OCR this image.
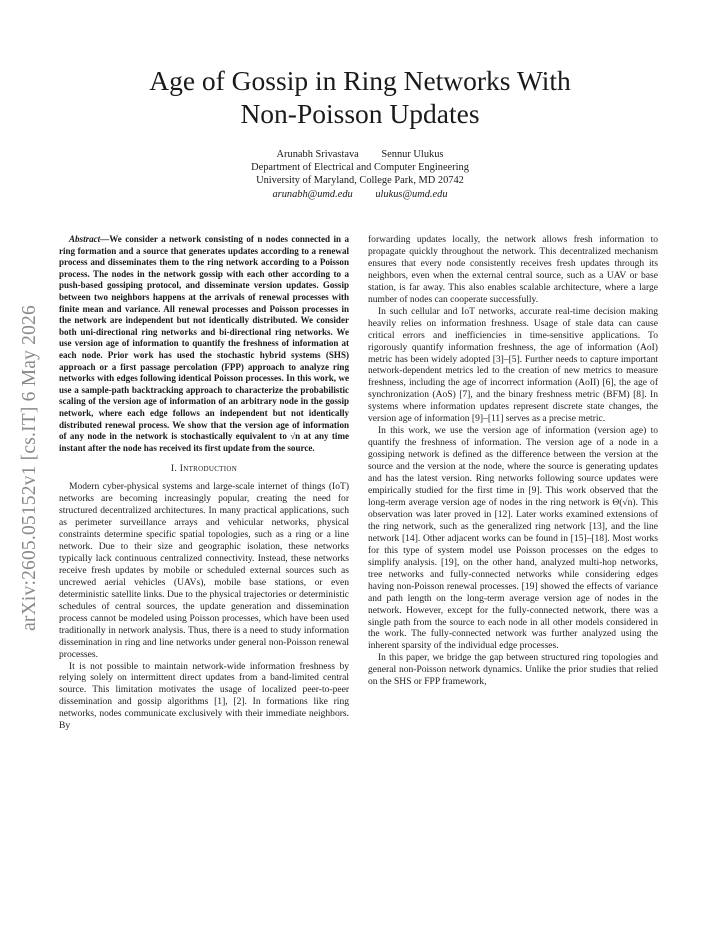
arXiv:2605.05152v1 [cs.IT] 6 May 2026
Age of Gossip in Ring Networks With
Non-Poisson Updates
Arunabh Srivastava Sennur Ulukus
Department of Electrical and Computer Engineering
University of Maryland, College Park, MD 20742
arunabh@umd.edu ulukus@umd.edu

Abstract—We consider a network consisting of n nodes connected in a ring formation and a source that generates updates according to a renewal process and disseminates them to the ring network according to a Poisson process. The nodes in the network gossip with each other according to a push-based gossiping protocol, and disseminate version updates. Gossip between two neighbors happens at the arrivals of renewal processes with finite mean and variance. All renewal processes and Poisson processes in the network are independent but not identically distributed. We consider both uni-directional ring networks and bi-directional ring networks. We use version age of information to quantify the freshness of information at each node. Prior work has used the stochastic hybrid systems (SHS) approach or a first passage percolation (FPP) approach to analyze ring networks with edges following identical Poisson processes. In this work, we use a sample-path backtracking approach to characterize the probabilistic scaling of the version age of information of an arbitrary node in the gossip network, where each edge follows an independent but not identically distributed renewal process. We show that the version age of information of any node in the network is stochastically equivalent to √n at any time instant after the node has received its first update from the source.

I. Introduction

Modern cyber-physical systems and large-scale internet of things (IoT) networks are becoming increasingly popular, creating the need for structured decentralized architectures. In many practical applications, such as perimeter surveillance arrays and vehicular networks, physical constraints determine specific spatial topologies, such as a ring or a line network. Due to their size and geographic isolation, these networks typically lack continuous centralized connectivity. Instead, these networks receive fresh updates by mobile or scheduled external sources such as uncrewed aerial vehicles (UAVs), mobile base stations, or even deterministic satellite links. Due to the physical trajectories or deterministic schedules of central sources, the update generation and dissemination process cannot be modeled using Poisson processes, which have been used traditionally in network analysis. Thus, there is a need to study information dissemination in ring and line networks under general non-Poisson renewal processes.

It is not possible to maintain network-wide information freshness by relying solely on intermittent direct updates from a band-limited central source. This limitation motivates the usage of localized peer-to-peer dissemination and gossip algorithms [1], [2]. In formations like ring networks, nodes communicate exclusively with their immediate neighbors. By

forwarding updates locally, the network allows fresh information to propagate quickly throughout the network. This decentralized mechanism ensures that every node consistently receives fresh updates through its neighbors, even when the external central source, such as a UAV or base station, is far away. This also enables scalable architecture, where a large number of nodes can cooperate successfully.

In such cellular and IoT networks, accurate real-time decision making heavily relies on information freshness. Usage of stale data can cause critical errors and inefficiencies in time-sensitive applications. To rigorously quantify information freshness, the age of information (AoI) metric has been widely adopted [3]–[5]. Further needs to capture important network-dependent metrics led to the creation of new metrics to measure freshness, including the age of incorrect information (AoII) [6], the age of synchronization (AoS) [7], and the binary freshness metric (BFM) [8]. In systems where information updates represent discrete state changes, the version age of information [9]–[11] serves as a precise metric.

In this work, we use the version age of information (version age) to quantify the freshness of information. The version age of a node in a gossiping network is defined as the difference between the version at the source and the version at the node, where the source is generating updates and has the latest version. Ring networks following source updates were empirically studied for the first time in [9]. This work observed that the long-term average version age of nodes in the ring network is Θ(√n). This observation was later proved in [12]. Later works examined extensions of the ring network, such as the generalized ring network [13], and the line network [14]. Other adjacent works can be found in [15]–[18]. Most works for this type of system model use Poisson processes on the edges to simplify analysis. [19], on the other hand, analyzed multi-hop networks, tree networks and fully-connected networks while considering edges having non-Poisson renewal processes. [19] showed the effects of variance and path length on the long-term average version age of nodes in the network. However, except for the fully-connected network, there was a single path from the source to each node in all other models considered in the work. The fully-connected network was further analyzed using the inherent sparsity of the individual edge processes.

In this paper, we bridge the gap between structured ring topologies and general non-Poisson network dynamics. Unlike the prior studies that relied on the SHS or FPP framework,
